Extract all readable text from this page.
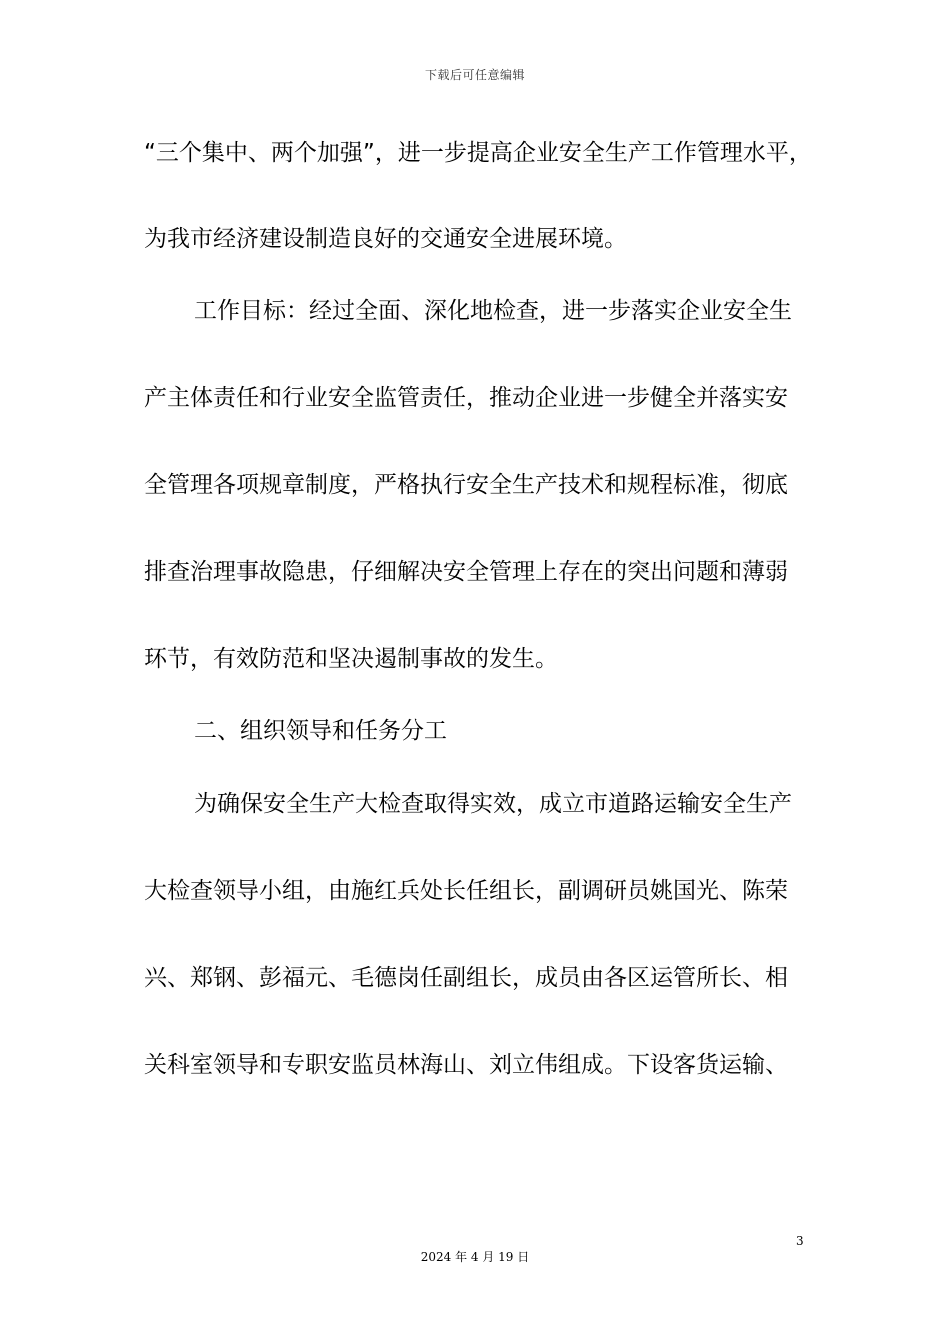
下载后可任意编辑
“三个集中、两个加强”，进一步提高企业安全生产工作管理水平，
为我市经济建设制造良好的交通安全进展环境。
工作目标：经过全面、深化地检查，进一步落实企业安全生
产主体责任和行业安全监管责任，推动企业进一步健全并落实安
全管理各项规章制度，严格执行安全生产技术和规程标准，彻底
排查治理事故隐患，仔细解决安全管理上存在的突出问题和薄弱
环节，有效防范和坚决遏制事故的发生。
二、组织领导和任务分工
为确保安全生产大检查取得实效，成立市道路运输安全生产
大检查领导小组，由施红兵处长任组长，副调研员姚国光、陈荣
兴、郑钢、彭福元、毛德岗任副组长，成员由各区运管所长、相
关科室领导和专职安监员林海山、刘立伟组成。下设客货运输、
3
2024 年 4 月 19 日
